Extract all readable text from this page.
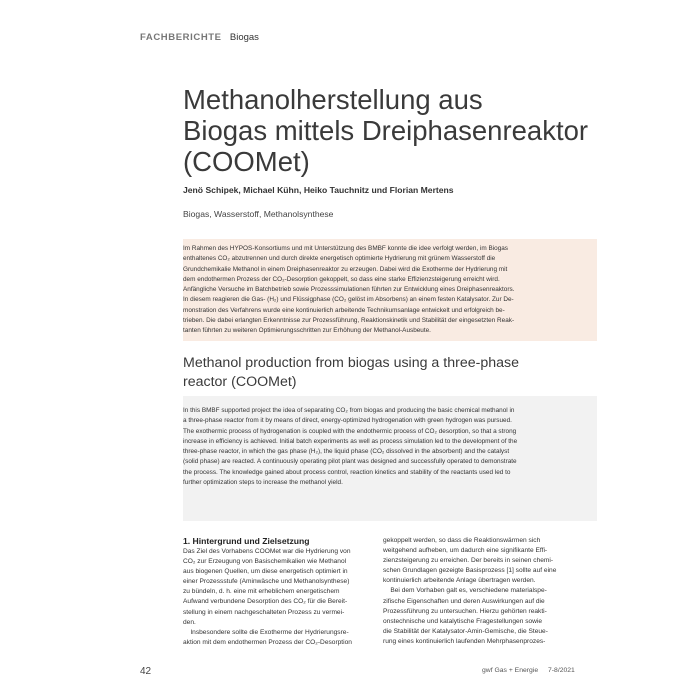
FACHBERICHTE Biogas
Methanolherstellung aus
Biogas mittels Dreiphasenreaktor
(COOMet)
Jenö Schipek, Michael Kühn, Heiko Tauchnitz und Florian Mertens
Biogas, Wasserstoff, Methanolsynthese
Im Rahmen des HYPOS-Konsortiums und mit Unterstützung des BMBF konnte die idee verfolgt werden, im Biogas
enthaltenes CO₂ abzutrennen und durch direkte energetisch optimierte Hydrierung mit grünem Wasserstoff die
Grundchemikalie Methanol in einem Dreiphasenreaktor zu erzeugen. Dabei wird die Exotherme der Hydrierung mit
dem endothermen Prozess der CO₂-Desorption gekoppelt, so dass eine starke Effizienzsteigerung erreicht wird.
Anfängliche Versuche im Batchbetrieb sowie Prozesssimulationen führten zur Entwicklung eines Dreiphasenreaktors.
In diesem reagieren die Gas- (H₂) und Flüssigphase (CO₂ gelöst im Absorbens) an einem festen Katalysator. Zur De-
monstration des Verfahrens wurde eine kontinuierlich arbeitende Technikumsanlage entwickelt und erfolgreich be-
trieben. Die dabei erlangten Erkenntnisse zur Prozessführung, Reaktionskinetik und Stabilität der eingesetzten Reak-
tanten führten zu weiteren Optimierungsschritten zur Erhöhung der Methanol-Ausbeute.
Methanol production from biogas using a three-phase
reactor (COOMet)
In this BMBF supported project the idea of separating CO₂ from biogas and producing the basic chemical methanol in
a three-phase reactor from it by means of direct, energy-optimized hydrogenation with green hydrogen was pursued.
The exothermic process of hydrogenation is coupled with the endothermic process of CO₂ desorption, so that a strong
increase in efficiency is achieved. Initial batch experiments as well as process simulation led to the development of the
three-phase reactor, in which the gas phase (H₂), the liquid phase (CO₂ dissolved in the absorbent) and the catalyst
(solid phase) are reacted. A continuously operating pilot plant was designed and successfully operated to demonstrate
the process. The knowledge gained about process control, reaction kinetics and stability of the reactants used led to
further optimization steps to increase the methanol yield.
1. Hintergrund und Zielsetzung
Das Ziel des Vorhabens COOMet war die Hydrierung von
CO₂ zur Erzeugung von Basischemikalien wie Methanol
aus biogenen Quellen, um diese energetisch optimiert in
einer Prozessstufe (Aminwäsche und Methanolsynthese)
zu bündeln, d. h. eine mit erheblichem energetischem
Aufwand verbundene Desorption des CO₂ für die Bereit-
stellung in einem nachgeschalteten Prozess zu vermei-
den.
Insbesondere sollte die Exotherme der Hydrierungsre-
aktion mit dem endothermen Prozess der CO₂-Desorption
gekoppelt werden, so dass die Reaktionswärmen sich
weitgehend aufheben, um dadurch eine signifikante Effi-
zienzsteigerung zu erreichen. Der bereits in seinen chemi-
schen Grundlagen gezeigte Basisprozess [1] sollte auf eine
kontinuierlich arbeitende Anlage übertragen werden.
Bei dem Vorhaben galt es, verschiedene materialspe-
zifische Eigenschaften und deren Auswirkungen auf die
Prozessführung zu untersuchen. Hierzu gehörten reakti-
onstechnische und katalytische Fragestellungen sowie
die Stabilität der Katalysator-Amin-Gemische, die Steue-
rung eines kontinuierlich laufenden Mehrphasenprozes-
42	gwf Gas + Energie 7-8/2021
